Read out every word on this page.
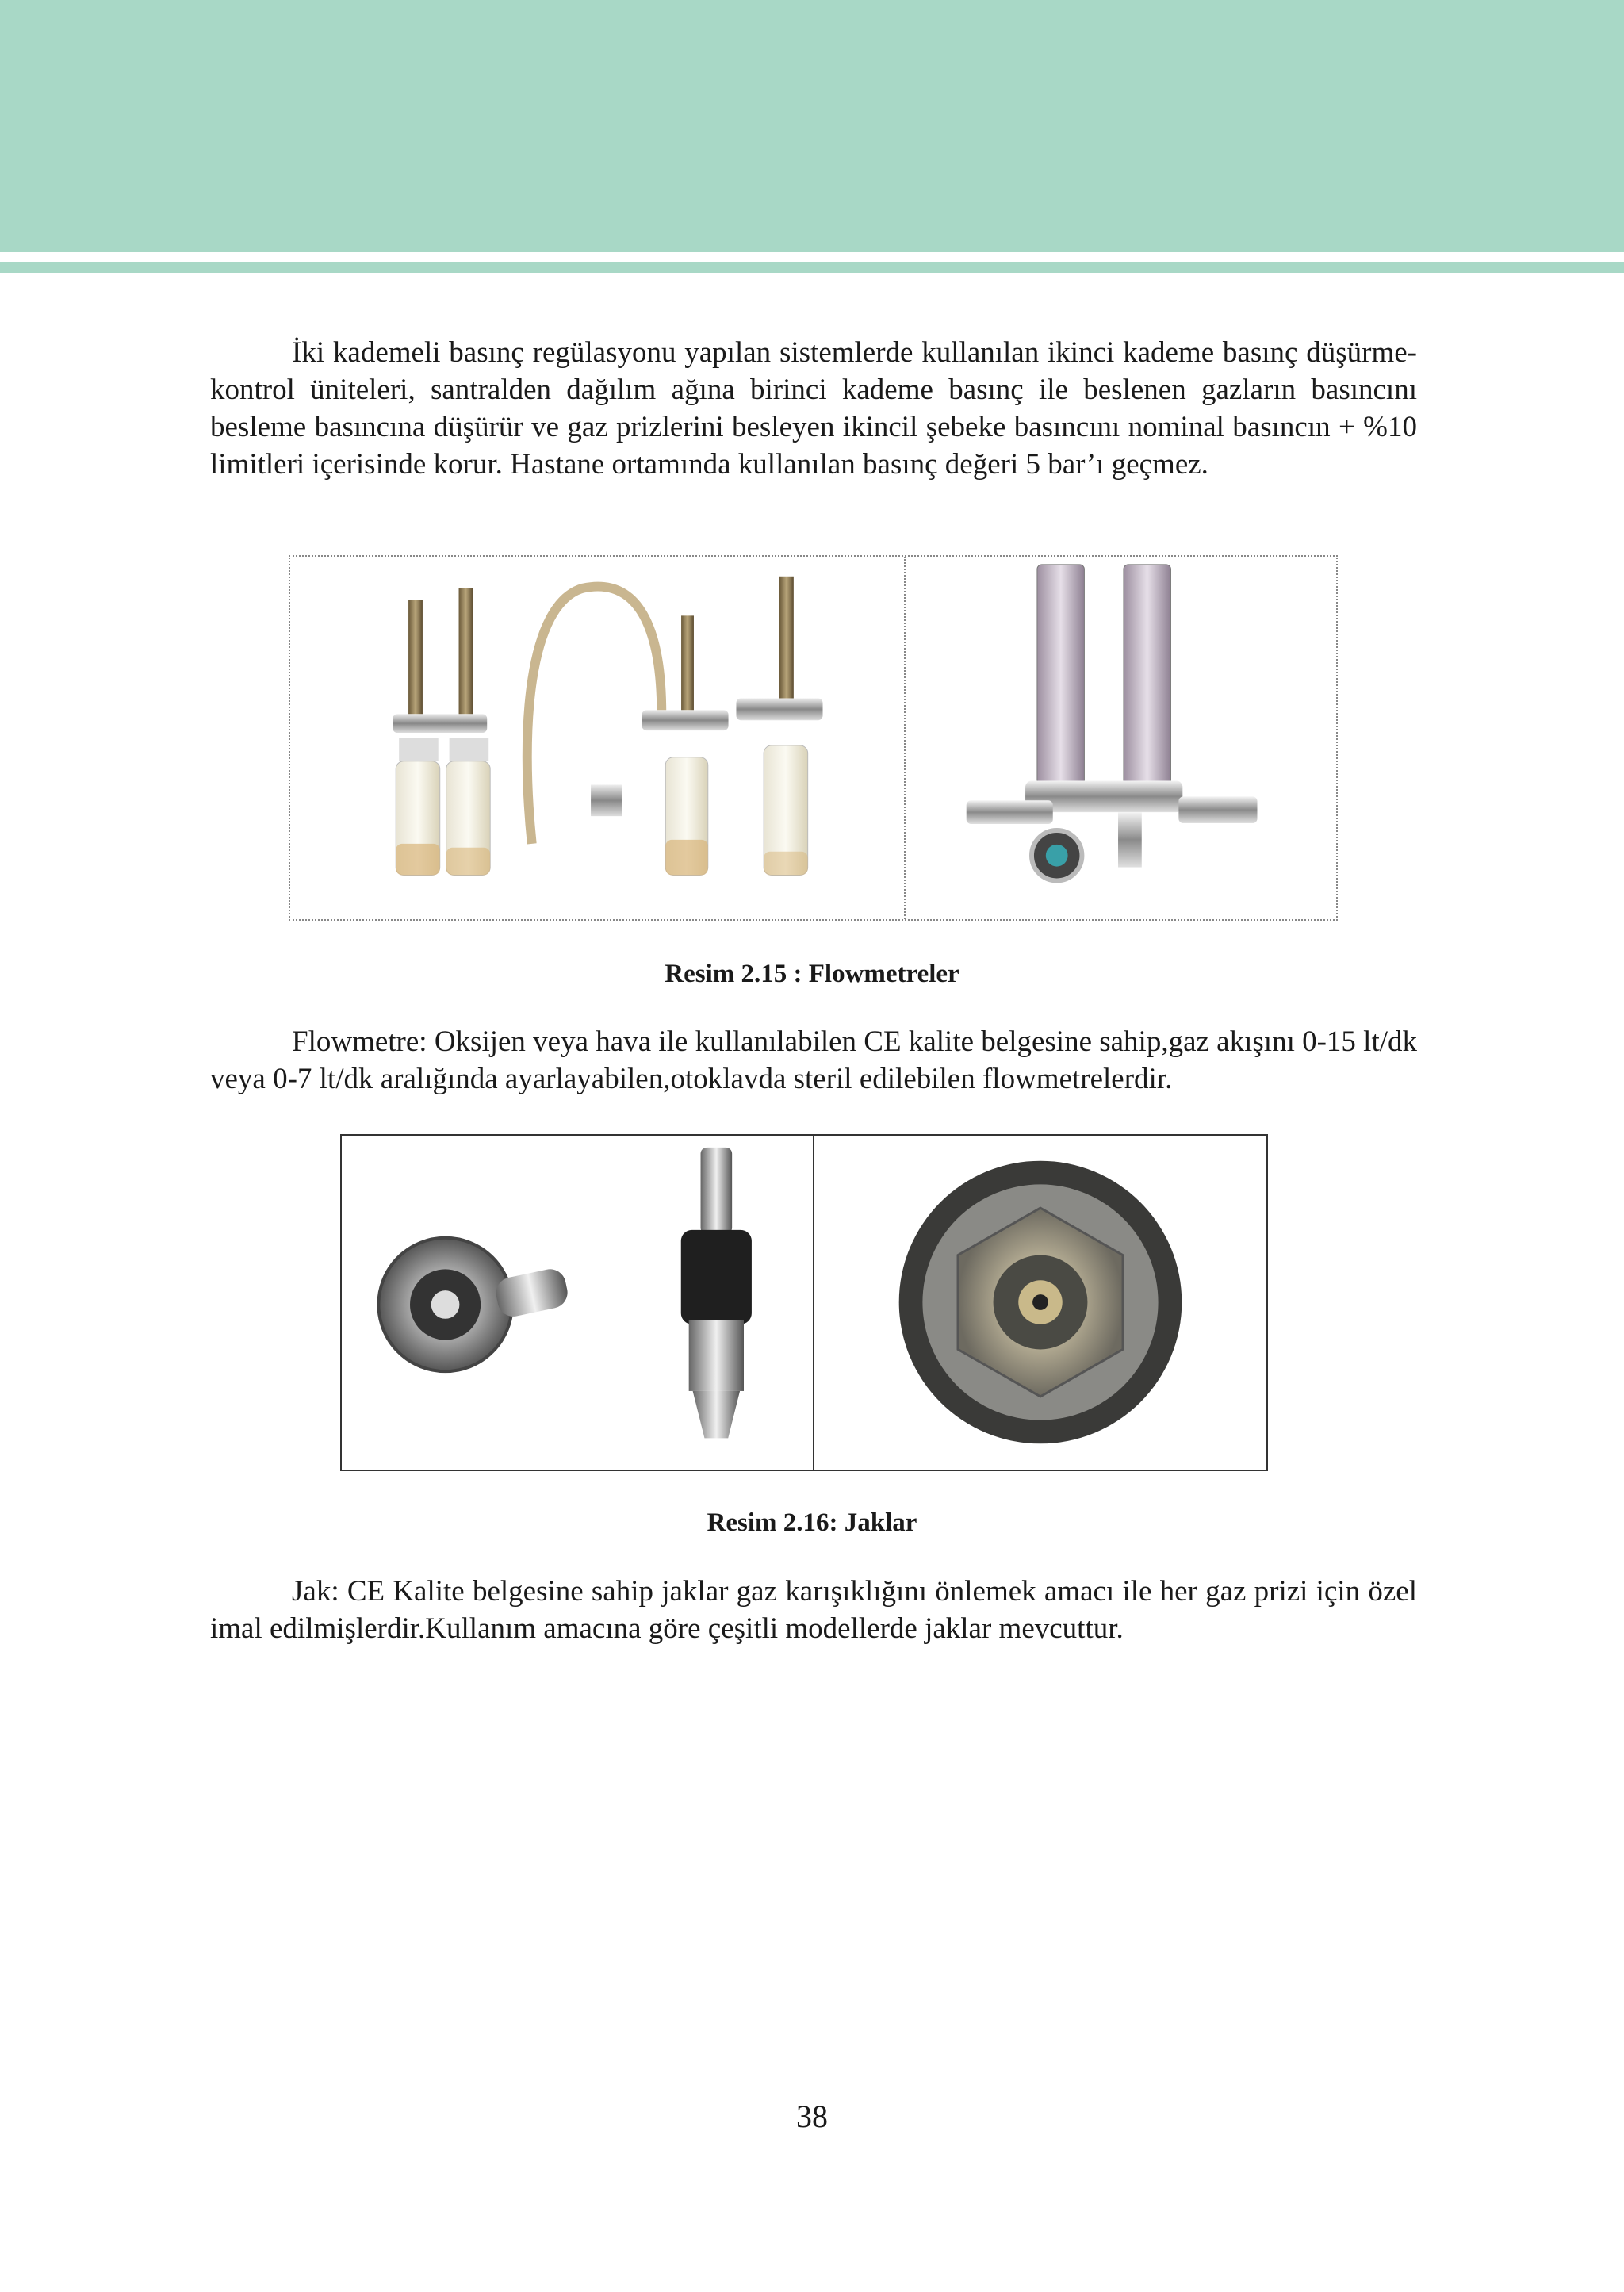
İki kademeli basınç regülasyonu yapılan sistemlerde kullanılan ikinci kademe basınç düşürme-kontrol üniteleri, santralden dağılım ağına birinci kademe basınç ile beslenen gazların basıncını besleme basıncına düşürür ve gaz prizlerini besleyen ikincil şebeke basıncını nominal basıncın + %10 limitleri içerisinde korur. Hastane ortamında kullanılan basınç değeri 5 bar’ı geçmez.

Resim 2.15 : Flowmetreler

Flowmetre: Oksijen veya hava ile kullanılabilen CE kalite belgesine sahip,gaz akışını 0-15 lt/dk veya 0-7 lt/dk aralığında ayarlayabilen,otoklavda steril edilebilen flowmetrelerdir.

Resim 2.16: Jaklar

Jak: CE Kalite belgesine sahip jaklar gaz karışıklığını önlemek amacı ile her gaz prizi için özel imal edilmişlerdir.Kullanım amacına göre çeşitli modellerde jaklar mevcuttur.

38
